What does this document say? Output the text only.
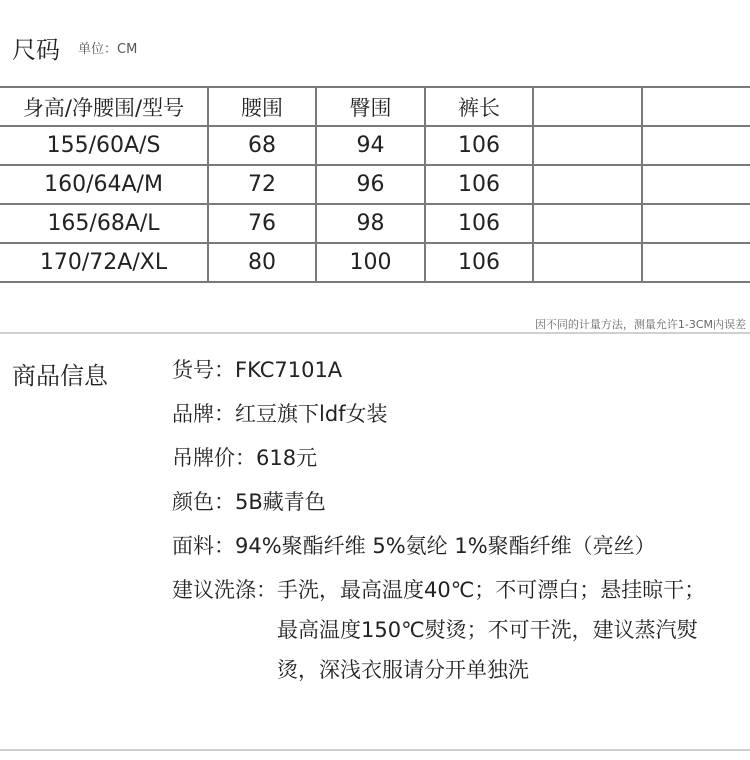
尺码 单位：CM
身高/净腰围/型号	腰围	臀围	裤长		
155/60A/S	68	94	106		
160/64A/M	72	96	106		
165/68A/L	76	98	106		
170/72A/XL	80	100	106		
因不同的计量方法，测量允许1-3CM内误差
商品信息	货号：FKC7101A
品牌：红豆旗下ldf女装
吊牌价：618元
颜色：5B藏青色
面料：94%聚酯纤维 5%氨纶 1%聚酯纤维（亮丝）
建议洗涤： 手洗，最高温度40℃；不可漂白；悬挂晾干；
最高温度150℃熨烫；不可干洗，建议蒸汽熨
烫，深浅衣服请分开单独洗
